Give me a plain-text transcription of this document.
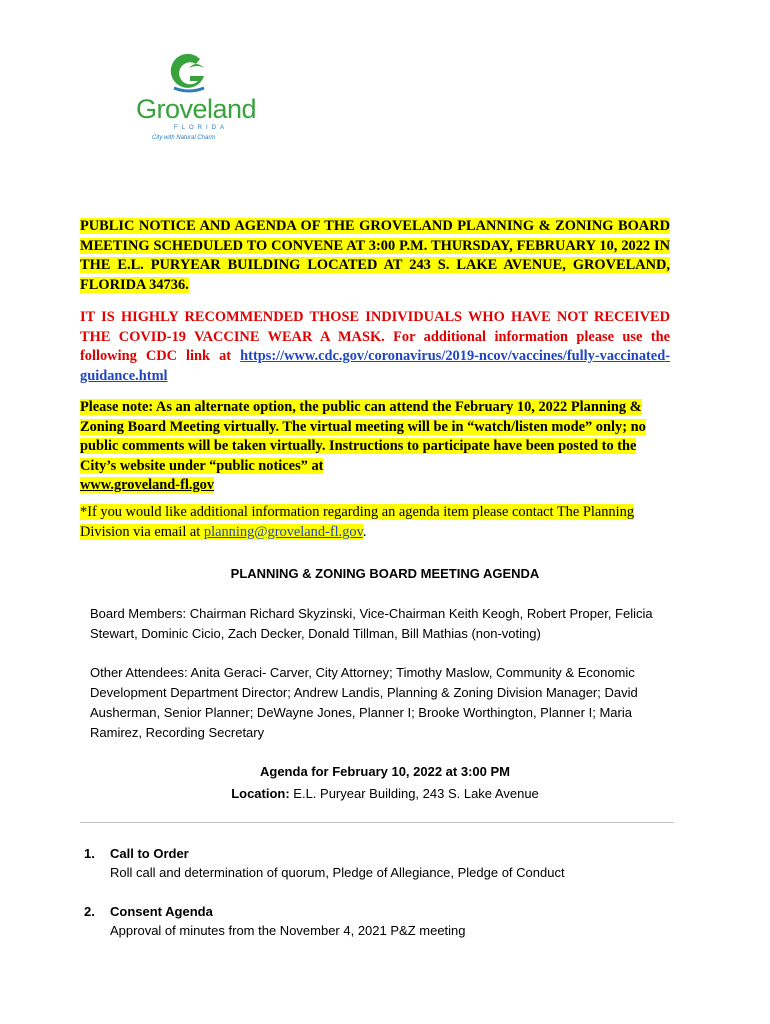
Groveland
FLORIDA
City with Natural Charm
PUBLIC NOTICE AND AGENDA OF THE GROVELAND PLANNING & ZONING BOARD MEETING SCHEDULED TO CONVENE AT 3:00 P.M. THURSDAY, FEBRUARY 10, 2022 IN THE E.L. PURYEAR BUILDING LOCATED AT 243 S. LAKE AVENUE, GROVELAND, FLORIDA 34736.
IT IS HIGHLY RECOMMENDED THOSE INDIVIDUALS WHO HAVE NOT RECEIVED THE COVID-19 VACCINE WEAR A MASK. For additional information please use the following CDC link at https://www.cdc.gov/coronavirus/2019-ncov/vaccines/fully-vaccinated-guidance.html
Please note: As an alternate option, the public can attend the February 10, 2022 Planning & Zoning Board Meeting virtually. The virtual meeting will be in “watch/listen mode” only; no public comments will be taken virtually. Instructions to participate have been posted to the City’s website under “public notices” at
www.groveland-fl.gov
*If you would like additional information regarding an agenda item please contact The Planning Division via email at planning@groveland-fl.gov.
PLANNING & ZONING BOARD MEETING AGENDA
Board Members: Chairman Richard Skyzinski, Vice-Chairman Keith Keogh, Robert Proper, Felicia Stewart, Dominic Cicio, Zach Decker, Donald Tillman, Bill Mathias (non-voting)
Other Attendees: Anita Geraci- Carver, City Attorney; Timothy Maslow, Community & Economic Development Department Director; Andrew Landis, Planning & Zoning Division Manager; David Ausherman, Senior Planner; DeWayne Jones, Planner I; Brooke Worthington, Planner I; Maria Ramirez, Recording Secretary
Agenda for February 10, 2022 at 3:00 PM
Location: E.L. Puryear Building, 243 S. Lake Avenue
1. Call to Order
Roll call and determination of quorum, Pledge of Allegiance, Pledge of Conduct
2. Consent Agenda
Approval of minutes from the November 4, 2021 P&Z meeting
